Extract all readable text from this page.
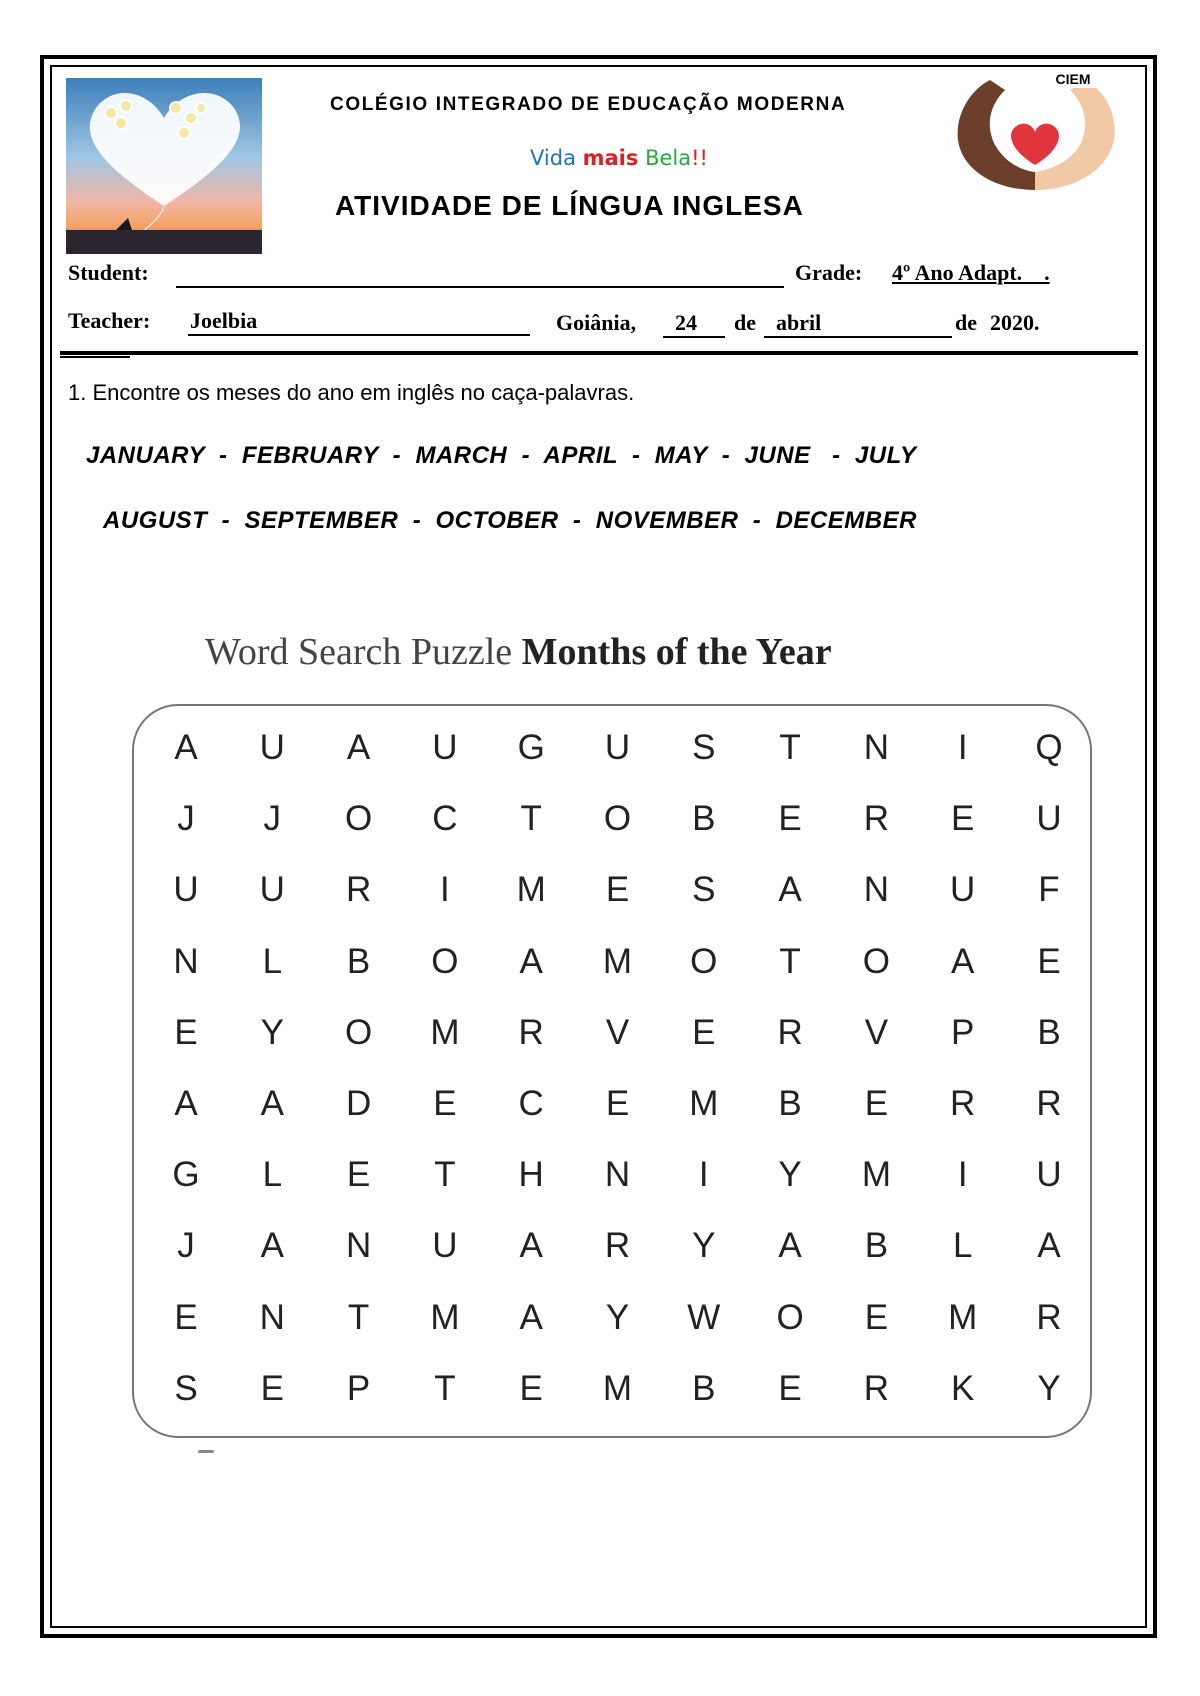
CIEM
COLÉGIO INTEGRADO DE EDUCAÇÃO MODERNA
Vida mais Bela!!
ATIVIDADE DE LÍNGUA INGLESA
Student:	Grade: 4º Ano Adapt.    .
Teacher: Joelbia	Goiânia, 24 de abril	de 2020.
1. Encontre os meses do ano em inglês no caça-palavras.
JANUARY  -  FEBRUARY  -  MARCH  -  APRIL  -  MAY  -  JUNE   -  JULY
AUGUST  -  SEPTEMBER  -  OCTOBER  -  NOVEMBER  -  DECEMBER
Word Search Puzzle Months of the Year
A	U	A	U	G	U	S	T	N	I	Q
J	J	O	C	T	O	B	E	R	E	U
U	U	R	I	M	E	S	A	N	U	F
N	L	B	O	A	M	O	T	O	A	E
E	Y	O	M	R	V	E	R	V	P	B
A	A	D	E	C	E	M	B	E	R	R
G	L	E	T	H	N	I	Y	M	I	U
J	A	N	U	A	R	Y	A	B	L	A
E	N	T	M	A	Y	W	O	E	M	R
S	E	P	T	E	M	B	E	R	K	Y
